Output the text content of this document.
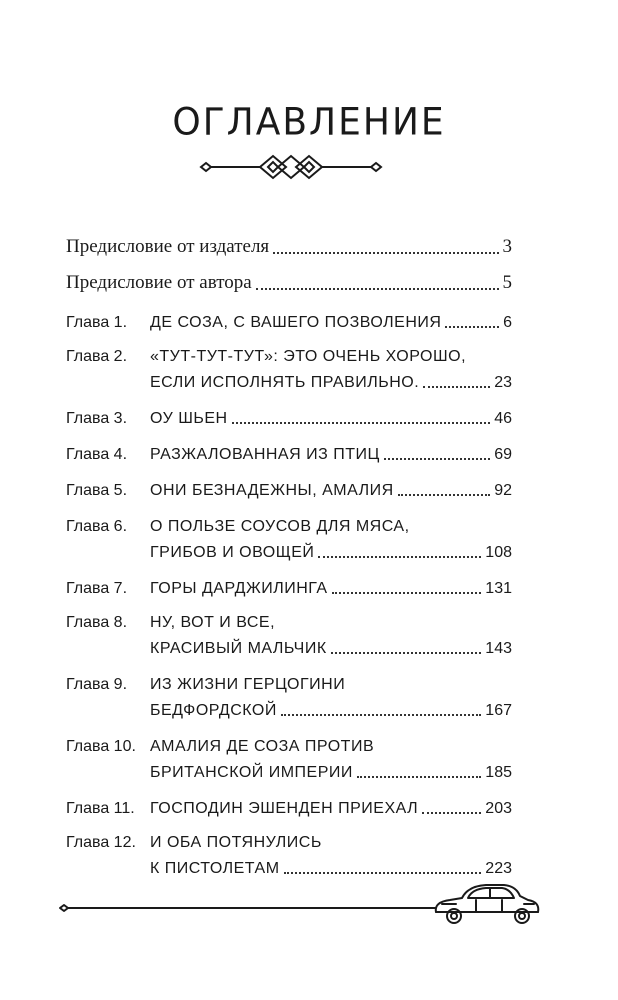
ОГЛАВЛЕНИЕ
Предисловие от издателя	3
Предисловие от автора	5
Глава 1. ДЕ СОЗА, С ВАШЕГО ПОЗВОЛЕНИЯ	6
Глава 2. «ТУТ-ТУТ-ТУТ»: ЭТО ОЧЕНЬ ХОРОШО,
ЕСЛИ ИСПОЛНЯТЬ ПРАВИЛЬНО.	23
Глава 3. ОУ ШЬЕН	46
Глава 4. РАЗЖАЛОВАННАЯ ИЗ ПТИЦ	69
Глава 5. ОНИ БЕЗНАДЕЖНЫ, АМАЛИЯ	92
Глава 6. О ПОЛЬЗЕ СОУСОВ ДЛЯ МЯСА,
ГРИБОВ И ОВОЩЕЙ	108
Глава 7. ГОРЫ ДАРДЖИЛИНГА	131
Глава 8. НУ, ВОТ И ВСЕ,
КРАСИВЫЙ МАЛЬЧИК	143
Глава 9. ИЗ ЖИЗНИ ГЕРЦОГИНИ
БЕДФОРДСКОЙ	167
Глава 10. АМАЛИЯ ДЕ СОЗА ПРОТИВ
БРИТАНСКОЙ ИМПЕРИИ	185
Глава 11. ГОСПОДИН ЭШЕНДЕН ПРИЕХАЛ	203
Глава 12. И ОБА ПОТЯНУЛИСЬ
К ПИСТОЛЕТАМ	223
